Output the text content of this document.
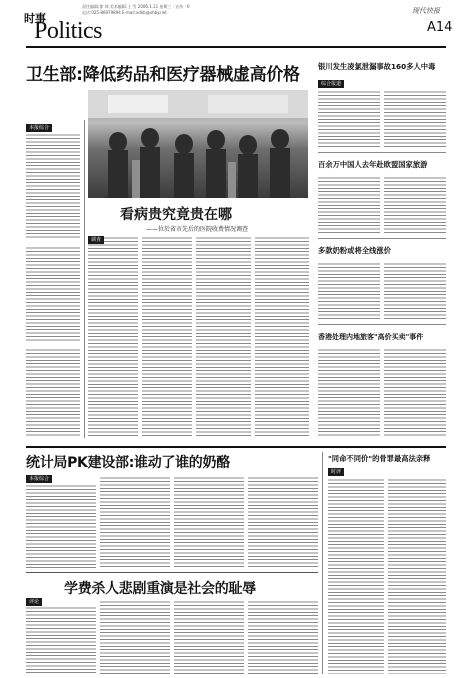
时事
Politics
责任编辑:徐 坤 美术编辑:王 雪 2006.1.11 星期三 · 宣传 · 0
电话:025-86979894 E-mail:xdkb@xhby.net	现代快报
A14
卫生部:降低药品和医疗器械虚高价格
本报综合
看病贵究竟贵在哪
——位於省市先后的医院收费情况调查
调查
银川发生凌氯泄漏事故160多人中毒
综合报道
百余万中国人去年赴欧盟国家旅游
多款奶粉或将全线涨价
香港处理内地旅客"高价买卖"事件
统计局PK建设部:谁动了谁的奶酪
本报综合
学费杀人悲剧重演是社会的耻辱
评论
"同命不同价"的骨罪最高法亲释
时评
